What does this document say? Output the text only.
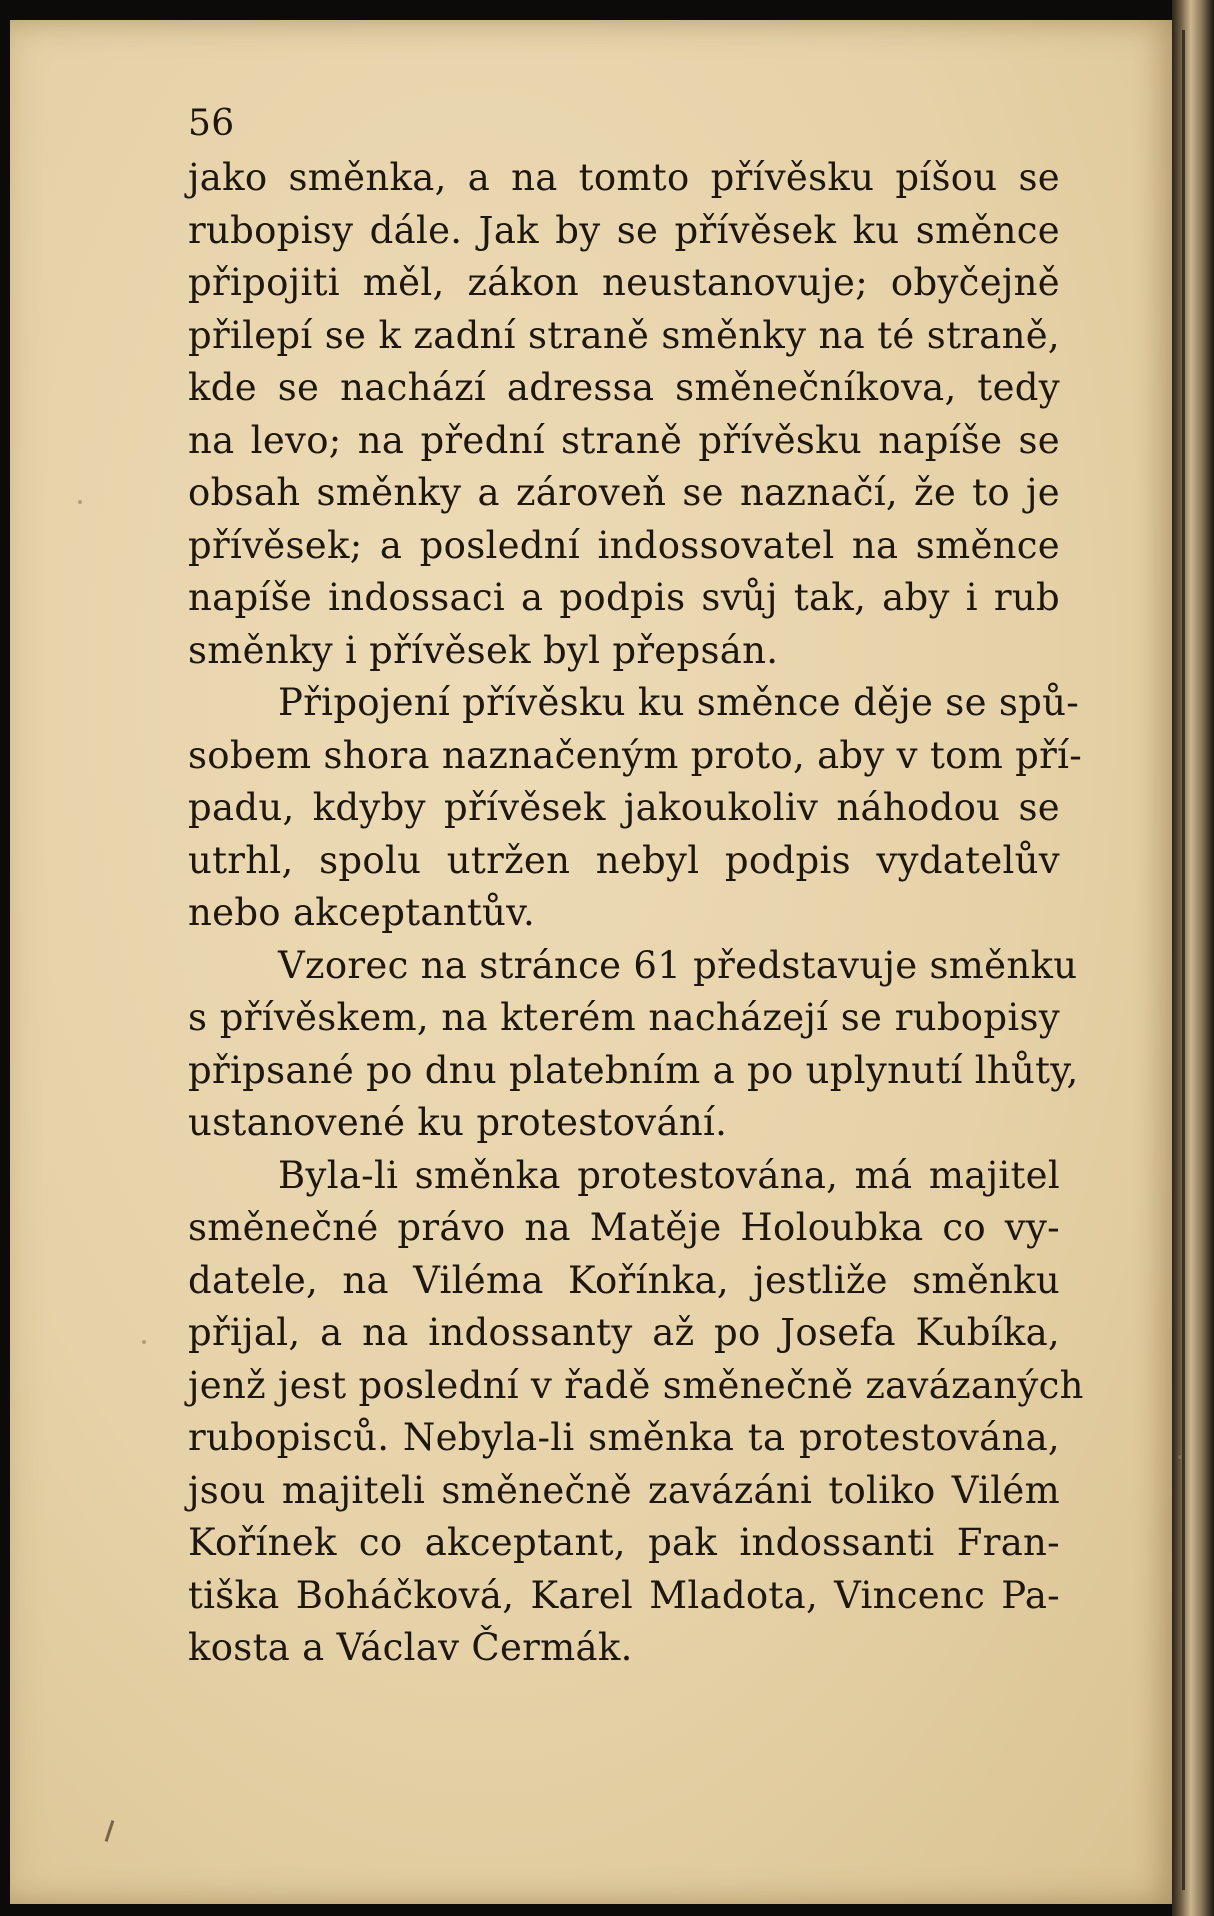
56
jako směnka, a na tomto přívěsku píšou se
rubopisy dále. Jak by se přívěsek ku směnce
připojiti měl, zákon neustanovuje; obyčejně
přilepí se k zadní straně směnky na té straně,
kde se nachází adressa směnečníkova, tedy
na levo; na přední straně přívěsku napíše se
obsah směnky a zároveň se naznačí, že to je
přívěsek; a poslední indossovatel na směnce
napíše indossaci a podpis svůj tak, aby i rub
směnky i přívěsek byl přepsán.
Připojení přívěsku ku směnce děje se spů-
sobem shora naznačeným proto, aby v tom pří-
padu, kdyby přívěsek jakoukoliv náhodou se
utrhl, spolu utržen nebyl podpis vydatelův
nebo akceptantův.
Vzorec na stránce 61 představuje směnku
s přívěskem, na kterém nacházejí se rubopisy
připsané po dnu platebním a po uplynutí lhůty,
ustanovené ku protestování.
Byla-li směnka protestována, má majitel
směnečné právo na Matěje Holoubka co vy-
datele, na Viléma Kořínka, jestliže směnku
přijal, a na indossanty až po Josefa Kubíka,
jenž jest poslední v řadě směnečně zavázaných
rubopisců. Nebyla-li směnka ta protestována,
jsou majiteli směnečně zavázáni toliko Vilém
Kořínek co akceptant, pak indossanti Fran-
tiška Boháčková, Karel Mladota, Vincenc Pa-
kosta a Václav Čermák.
